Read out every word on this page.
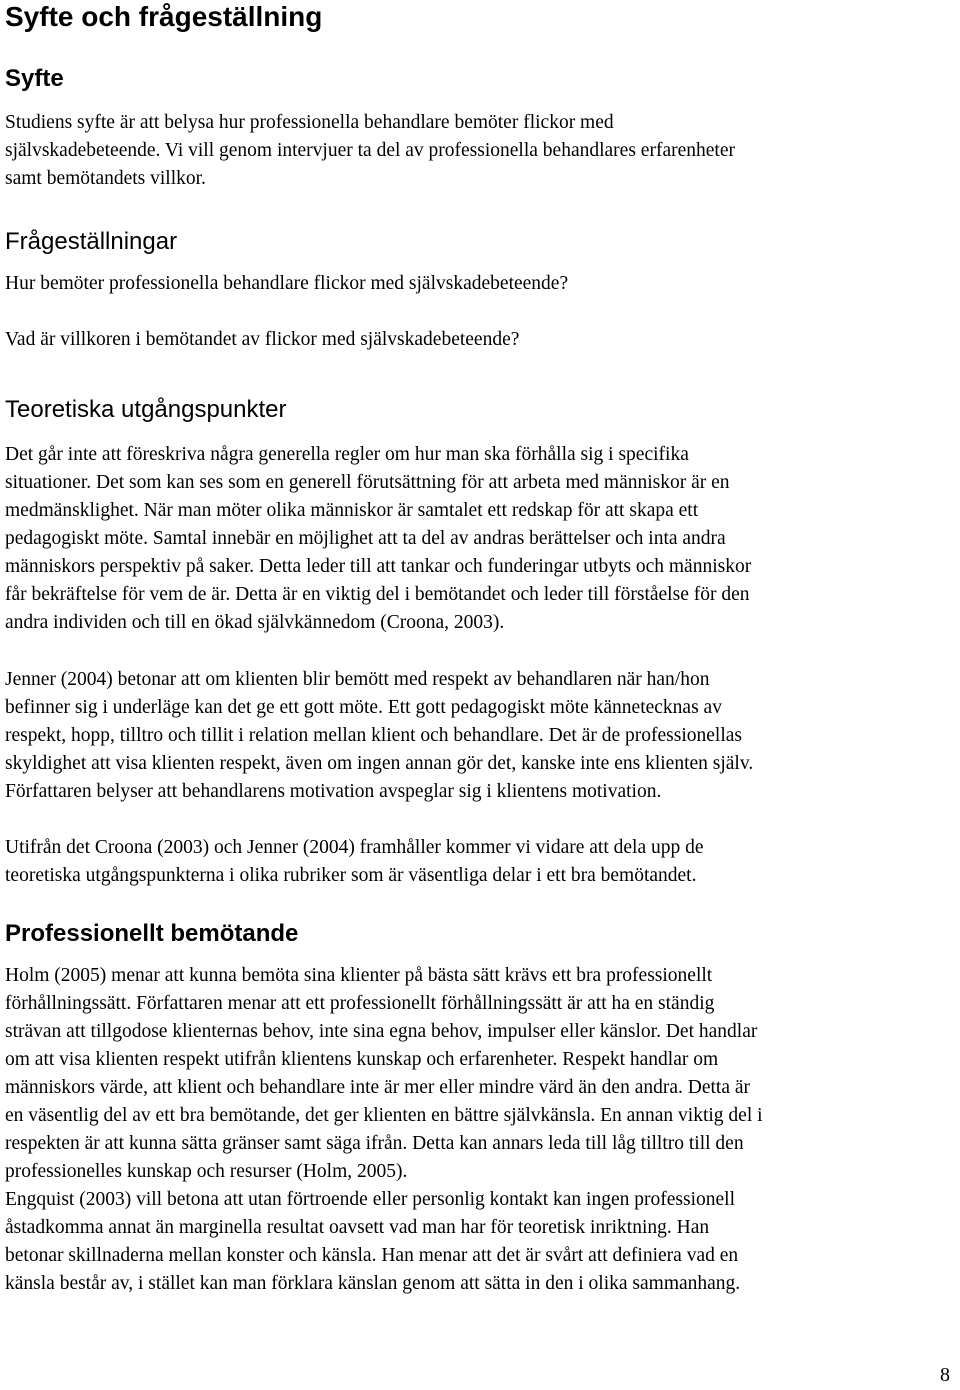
Syfte och frågeställning
Syfte
Studiens syfte är att belysa hur professionella behandlare bemöter flickor med
självskadebeteende. Vi vill genom intervjuer ta del av professionella behandlares erfarenheter
samt bemötandets villkor.
Frågeställningar
Hur bemöter professionella behandlare flickor med självskadebeteende?
Vad är villkoren i bemötandet av flickor med självskadebeteende?
Teoretiska utgångspunkter
Det går inte att föreskriva några generella regler om hur man ska förhålla sig i specifika
situationer. Det som kan ses som en generell förutsättning för att arbeta med människor är en
medmänsklighet. När man möter olika människor är samtalet ett redskap för att skapa ett
pedagogiskt möte. Samtal innebär en möjlighet att ta del av andras berättelser och inta andra
människors perspektiv på saker. Detta leder till att tankar och funderingar utbyts och människor
får bekräftelse för vem de är. Detta är en viktig del i bemötandet och leder till förståelse för den
andra individen och till en ökad självkännedom (Croona, 2003).
Jenner (2004) betonar att om klienten blir bemött med respekt av behandlaren när han/hon
befinner sig i underläge kan det ge ett gott möte. Ett gott pedagogiskt möte kännetecknas av
respekt, hopp, tilltro och tillit i relation mellan klient och behandlare. Det är de professionellas
skyldighet att visa klienten respekt, även om ingen annan gör det, kanske inte ens klienten själv.
Författaren belyser att behandlarens motivation avspeglar sig i klientens motivation.
Utifrån det Croona (2003) och Jenner (2004) framhåller kommer vi vidare att dela upp de
teoretiska utgångspunkterna i olika rubriker som är väsentliga delar i ett bra bemötandet.
Professionellt bemötande
Holm (2005) menar att kunna bemöta sina klienter på bästa sätt krävs ett bra professionellt
förhållningssätt. Författaren menar att ett professionellt förhållningssätt är att ha en ständig
strävan att tillgodose klienternas behov, inte sina egna behov, impulser eller känslor. Det handlar
om att visa klienten respekt utifrån klientens kunskap och erfarenheter. Respekt handlar om
människors värde, att klient och behandlare inte är mer eller mindre värd än den andra. Detta är
en väsentlig del av ett bra bemötande, det ger klienten en bättre självkänsla. En annan viktig del i
respekten är att kunna sätta gränser samt säga ifrån. Detta kan annars leda till låg tilltro till den
professionelles kunskap och resurser (Holm, 2005).
Engquist (2003) vill betona att utan förtroende eller personlig kontakt kan ingen professionell
åstadkomma annat än marginella resultat oavsett vad man har för teoretisk inriktning. Han
betonar skillnaderna mellan konster och känsla. Han menar att det är svårt att definiera vad en
känsla består av, i stället kan man förklara känslan genom att sätta in den i olika sammanhang.
8
